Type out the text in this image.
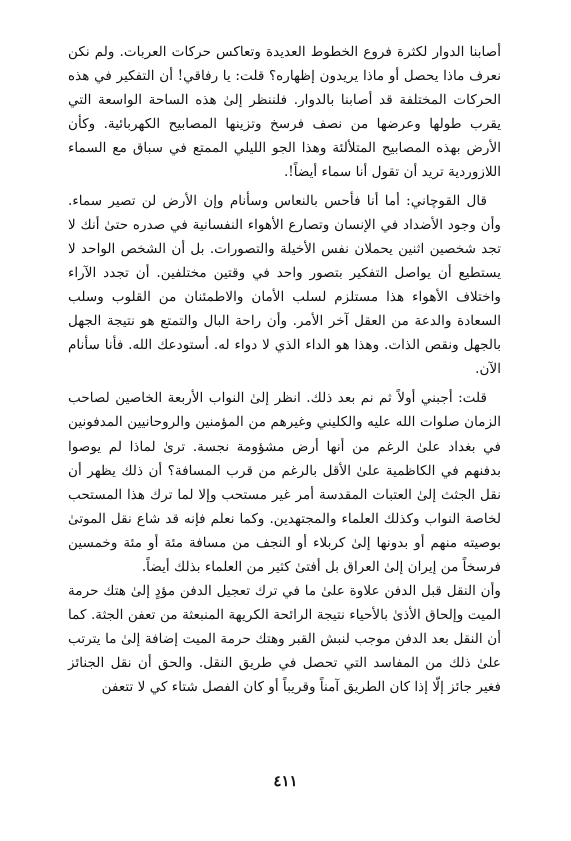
أصابنا الدوار لكثرة فروع الخطوط العديدة وتعاكس حركات العربات. ولم نكن نعرف ماذا يحصل أو ماذا يريدون إظهاره؟ قلت: يا رفاقي! أن التفكير في هذه الحركات المختلفة قد أصابنا بالدوار. فلننظر إلىٰ هذه الساحة الواسعة التي يقرب طولها وعرضها من نصف فرسخ وتزينها المصابيح الكهربائية. وكأن الأرض بهذه المصابيح المتلألئة وهذا الجو الليلي الممتع في سباق مع السماء اللازوردية تريد أن تقول أنا سماء أيضاً!.

قال القوچاني: أما أنا فأحس بالنعاس وسأنام وإن الأرض لن تصير سماء. وأن وجود الأضداد في الإنسان وتصارع الأهواء النفسانية في صدره حتىٰ أنك لا تجد شخصين اثنين يحملان نفس الأخيلة والتصورات. بل أن الشخص الواحد لا يستطيع أن يواصل التفكير بتصور واحد في وقتين مختلفين. أن تجدد الآراء واختلاف الأهواء هذا مستلزم لسلب الأمان والاطمئنان من القلوب وسلب السعادة والدعة من العقل آخر الأمر. وأن راحة البال والتمتع هو نتيجة الجهل بالجهل ونقص الذات. وهذا هو الداء الذي لا دواء له. أستودعك الله. فأنا سأنام الآن.

قلت: أجبني أولاً ثم نم بعد ذلك. انظر إلىٰ النواب الأربعة الخاصين لصاحب الزمان صلوات الله عليه والكليني وغيرهم من المؤمنين والروحانيين المدفونين في بغداد علىٰ الرغم من أنها أرض مشؤومة نجسة. ترىٰ لماذا لم يوصوا بدفنهم في الكاظمية علىٰ الأقل بالرغم من قرب المسافة؟ أن ذلك يظهر أن نقل الجثث إلىٰ العتبات المقدسة أمر غير مستحب وإلا لما ترك هذا المستحب لخاصة النواب وكذلك العلماء والمجتهدين. وكما نعلم فإنه قد شاع نقل الموتىٰ بوصيته منهم أو بدونها إلىٰ كربلاء أو النجف من مسافة مئة أو مئة وخمسين فرسخاً من إيران إلىٰ العراق بل أفتىٰ كثير من العلماء بذلك أيضاً.

وأن النقل قبل الدفن علاوة علىٰ ما في ترك تعجيل الدفن مؤدٍ إلىٰ هتك حرمة الميت وإلحاق الأذىٰ بالأحياء نتيجة الرائحة الكريهة المنبعثة من تعفن الجثة. كما أن النقل بعد الدفن موجب لنبش القبر وهتك حرمة الميت إضافة إلىٰ ما يترتب علىٰ ذلك من المفاسد التي تحصل في طريق النقل. والحق أن نقل الجنائز فغير جائز إلّا إذا كان الطريق آمناً وقريباً أو كان الفصل شتاء كي لا تتعفن

٤١١
